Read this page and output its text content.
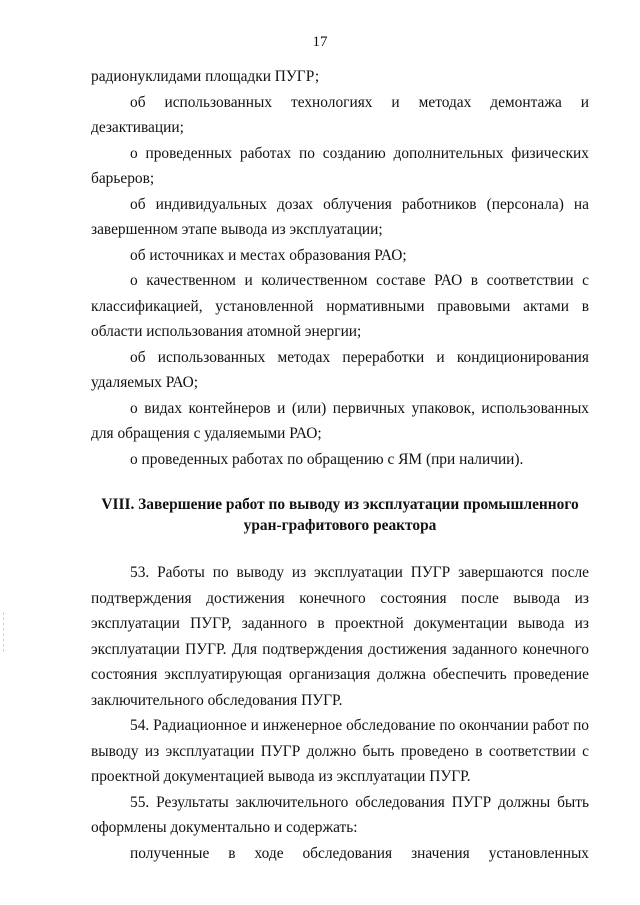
17

радионуклидами площадки ПУГР;

об использованных технологиях и методах демонтажа и дезактивации;

о проведенных работах по созданию дополнительных физических барьеров;

об индивидуальных дозах облучения работников (персонала) на завершенном этапе вывода из эксплуатации;

об источниках и местах образования РАО;

о качественном и количественном составе РАО в соответствии с классификацией, установленной нормативными правовыми актами в области использования атомной энергии;

об использованных методах переработки и кондиционирования удаляемых РАО;

о видах контейнеров и (или) первичных упаковок, использованных для обращения с удаляемыми РАО;

о проведенных работах по обращению с ЯМ (при наличии).

VIII. Завершение работ по выводу из эксплуатации промышленного
уран-графитового реактора

53. Работы по выводу из эксплуатации ПУГР завершаются после подтверждения достижения конечного состояния после вывода из эксплуатации ПУГР, заданного в проектной документации вывода из эксплуатации ПУГР. Для подтверждения достижения заданного конечного состояния эксплуатирующая организация должна обеспечить проведение заключительного обследования ПУГР.

54. Радиационное и инженерное обследование по окончании работ по выводу из эксплуатации ПУГР должно быть проведено в соответствии с проектной документацией вывода из эксплуатации ПУГР.

55. Результаты заключительного обследования ПУГР должны быть оформлены документально и содержать:

полученные в ходе обследования значения установленных
